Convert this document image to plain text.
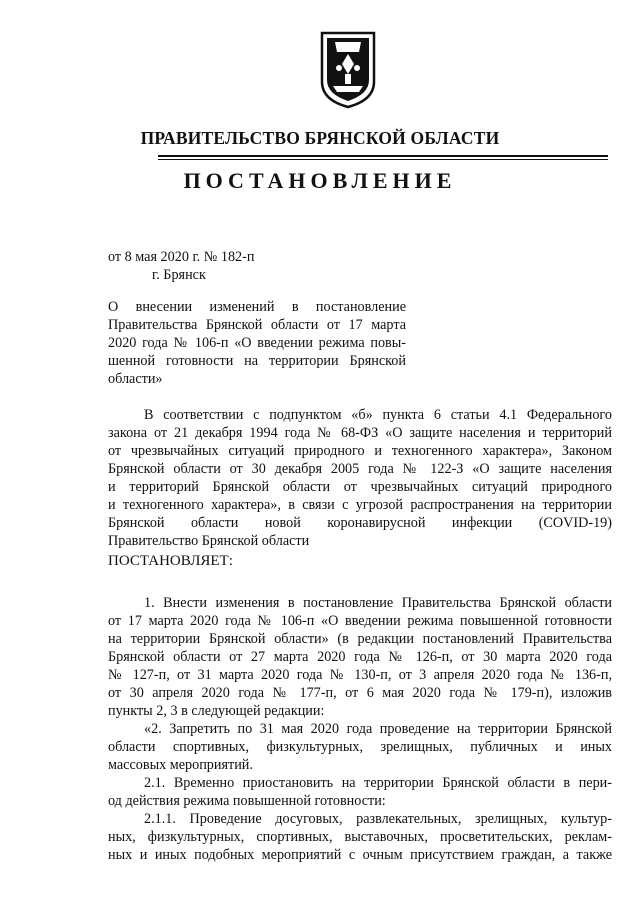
ПРАВИТЕЛЬСТВО БРЯНСКОЙ ОБЛАСТИ
ПОСТАНОВЛЕНИЕ
от 8 мая 2020 г. № 182-п
г. Брянск
О внесении изменений в постановление
Правительства Брянской области от 17 марта
2020 года № 106-п «О введении режима повы-
шенной готовности на территории Брянской
области»
В соответствии с подпунктом «б» пункта 6 статьи 4.1 Федерального
закона от 21 декабря 1994 года № 68-ФЗ «О защите населения и территорий
от чрезвычайных ситуаций природного и техногенного характера», Законом
Брянской области от 30 декабря 2005 года № 122-З «О защите населения
и территорий Брянской области от чрезвычайных ситуаций природного
и техногенного характера», в связи с угрозой распространения на территории
Брянской области новой коронавирусной инфекции (COVID-19)
Правительство Брянской области
ПОСТАНОВЛЯЕТ:
1. Внести изменения в постановление Правительства Брянской области
от 17 марта 2020 года № 106-п «О введении режима повышенной готовности
на территории Брянской области» (в редакции постановлений Правительства
Брянской области от 27 марта 2020 года № 126-п, от 30 марта 2020 года
№ 127-п, от 31 марта 2020 года № 130-п, от 3 апреля 2020 года № 136-п,
от 30 апреля 2020 года № 177-п, от 6 мая 2020 года № 179-п), изложив
пункты 2, 3 в следующей редакции:
«2. Запретить по 31 мая 2020 года проведение на территории Брянской
области спортивных, физкультурных, зрелищных, публичных и иных
массовых мероприятий.
2.1. Временно приостановить на территории Брянской области в пери-
од действия режима повышенной готовности:
2.1.1. Проведение досуговых, развлекательных, зрелищных, культур-
ных, физкультурных, спортивных, выставочных, просветительских, реклам-
ных и иных подобных мероприятий с очным присутствием граждан, а также
